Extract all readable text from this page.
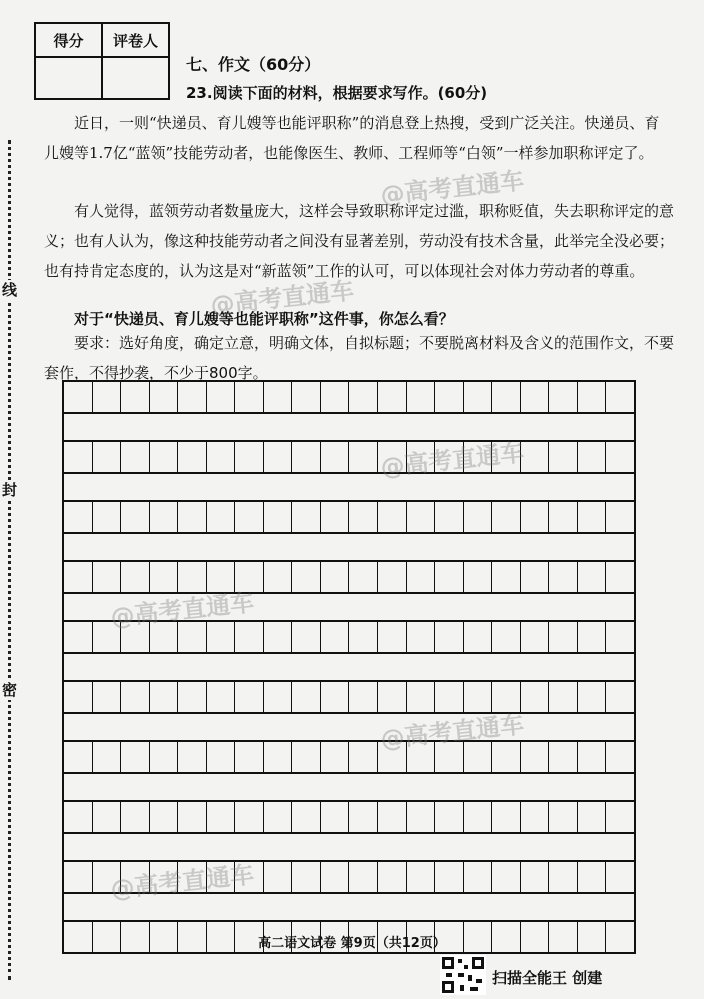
线
封
密
得分	评卷人

七、作文（60分）
23.阅读下面的材料，根据要求写作。(60分)
近日，一则“快递员、育儿嫂等也能评职称”的消息登上热搜，受到广泛关注。快递员、育儿嫂等1.7亿“蓝领”技能劳动者，也能像医生、教师、工程师等“白领”一样参加职称评定了。
有人觉得，蓝领劳动者数量庞大，这样会导致职称评定过滥，职称贬值，失去职称评定的意义；也有人认为，像这种技能劳动者之间没有显著差别，劳动没有技术含量，此举完全没必要；也有持肯定态度的，认为这是对“新蓝领”工作的认可，可以体现社会对体力劳动者的尊重。
对于“快递员、育儿嫂等也能评职称”这件事，你怎么看？
要求：选好角度，确定立意，明确文体，自拟标题；不要脱离材料及含义的范围作文，不要套作，不得抄袭，不少于800字。
@高考直通车
@高考直通车
@高考直通车
@高考直通车
@高考直通车
@高考直通车
高二语文试卷 第9页（共12页）
扫描全能王 创建
